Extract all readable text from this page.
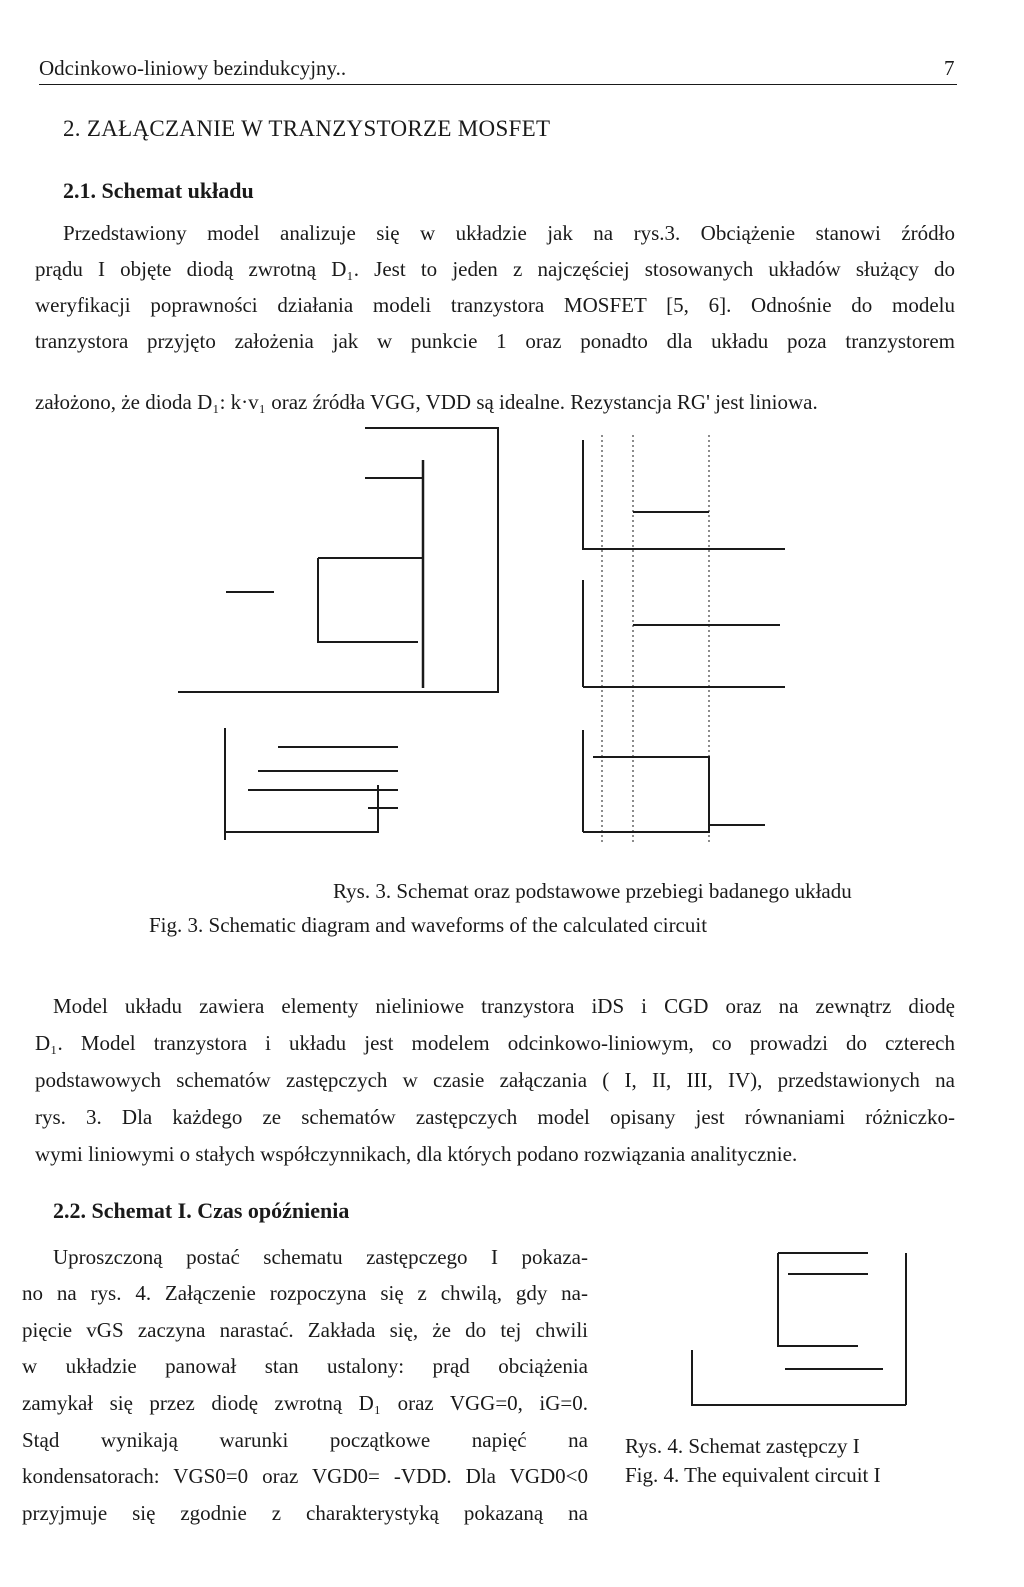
Odcinkowo-liniowy bezindukcyjny..	7
2. ZAŁĄCZANIE W TRANZYSTORZE MOSFET
2.1. Schemat układu
Przedstawiony model analizuje się w układzie jak na rys.3. Obciążenie stanowi źródło
prądu I objęte diodą zwrotną D₁. Jest to jeden z najczęściej stosowanych układów służący do
weryfikacji poprawności działania modeli tranzystora MOSFET [5, 6]. Odnośnie do modelu
tranzystora przyjęto założenia jak w punkcie 1 oraz ponadto dla układu poza tranzystorem
założono, że dioda D₁: k·v₁ oraz źródła VGG, VDD są idealne. Rezystancja RG' jest liniowa.
Rys. 3. Schemat oraz podstawowe przebiegi badanego układu
Fig. 3. Schematic diagram and waveforms of the calculated circuit
Model układu zawiera elementy nieliniowe tranzystora iDS i CGD oraz na zewnątrz diodę
D₁. Model tranzystora i układu jest modelem odcinkowo-liniowym, co prowadzi do czterech
podstawowych schematów zastępczych w czasie załączania ( I, II, III, IV), przedstawionych na
rys. 3. Dla każdego ze schematów zastępczych model opisany jest równaniami różniczko-
wymi liniowymi o stałych współczynnikach, dla których podano rozwiązania analitycznie.
2.2. Schemat I. Czas opóźnienia
Uproszczoną postać schematu zastępczego I pokaza-
no na rys. 4. Załączenie rozpoczyna się z chwilą, gdy na-
pięcie vGS zaczyna narastać. Zakłada się, że do tej chwili
w układzie panował stan ustalony: prąd obciążenia
zamykał się przez diodę zwrotną D₁ oraz VGG=0, iG=0.
Stąd wynikają warunki początkowe napięć na
kondensatorach: VGS0=0 oraz VGD0= -VDD. Dla VGD0<0
przyjmuje się zgodnie z charakterystyką pokazaną na
Rys. 4. Schemat zastępczy I
Fig. 4. The equivalent circuit I
